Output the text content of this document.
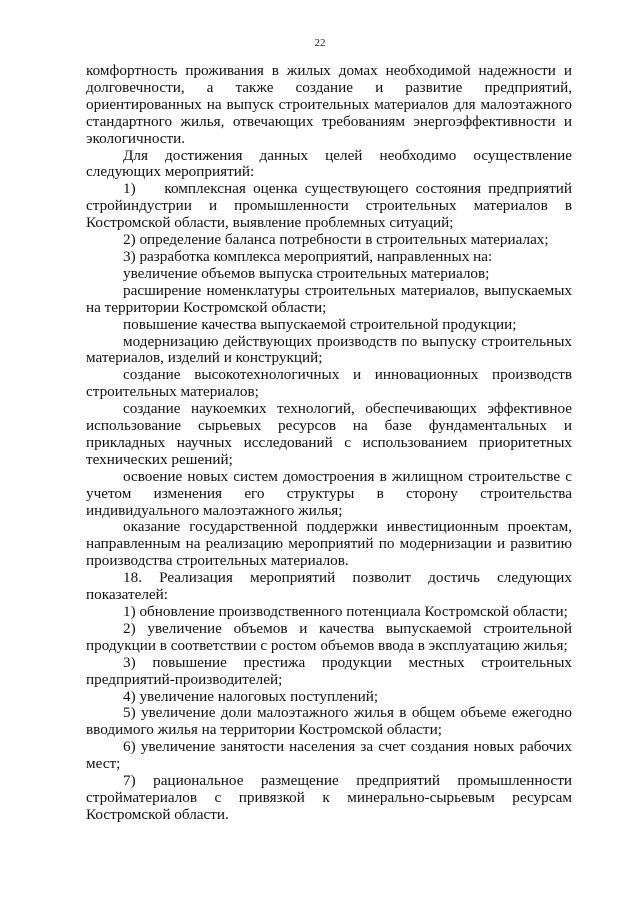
22

комфортность проживания в жилых домах необходимой надежности и долговечности, а также создание и развитие предприятий, ориентированных на выпуск строительных материалов для малоэтажного стандартного жилья, отвечающих требованиям энергоэффективности и экологичности.

Для достижения данных целей необходимо осуществление следующих мероприятий:

1)    комплексная оценка существующего состояния предприятий стройиндустрии и промышленности строительных материалов в Костромской области, выявление проблемных ситуаций;

2) определение баланса потребности в строительных материалах;

3) разработка комплекса мероприятий, направленных на:

увеличение объемов выпуска строительных материалов;

расширение номенклатуры строительных материалов, выпускаемых на территории Костромской области;

повышение качества выпускаемой строительной продукции;

модернизацию действующих производств по выпуску строительных материалов, изделий и конструкций;

создание высокотехнологичных и инновационных производств строительных материалов;

создание наукоемких технологий, обеспечивающих эффективное использование сырьевых ресурсов на базе фундаментальных и прикладных научных исследований с использованием приоритетных технических решений;

освоение новых систем домостроения в жилищном строительстве с учетом изменения его структуры в сторону строительства индивидуального малоэтажного жилья;

оказание государственной поддержки инвестиционным проектам, направленным на реализацию мероприятий по модернизации и развитию производства строительных материалов.

18. Реализация мероприятий позволит достичь следующих показателей:

1) обновление производственного потенциала Костромской области;

2) увеличение объемов и качества выпускаемой строительной продукции в соответствии с ростом объемов ввода в эксплуатацию жилья;

3) повышение престижа продукции местных строительных предприятий-производителей;

4) увеличение налоговых поступлений;

5) увеличение доли малоэтажного жилья в общем объеме ежегодно вводимого жилья на территории Костромской области;

6) увеличение занятости населения за счет создания новых рабочих мест;

7) рациональное размещение предприятий промышленности стройматериалов с привязкой к минерально-сырьевым ресурсам Костромской области.
